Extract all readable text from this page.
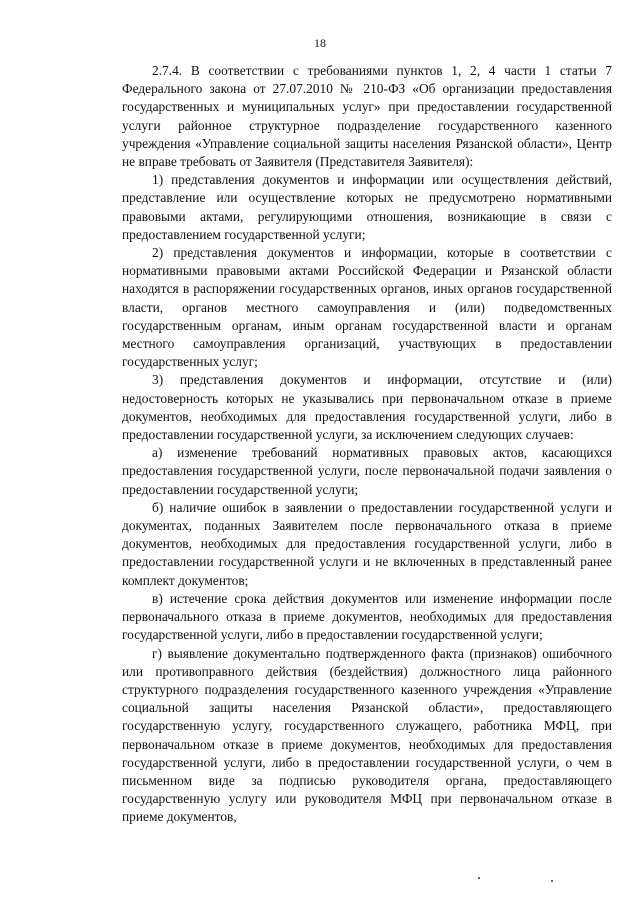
18

2.7.4. В соответствии с требованиями пунктов 1, 2, 4 части 1 статьи 7 Федерального закона от 27.07.2010 № 210-ФЗ «Об организации предоставления государственных и муниципальных услуг» при предоставлении государственной услуги районное структурное подразделение государственного казенного учреждения «Управление социальной защиты населения Рязанской области», Центр не вправе требовать от Заявителя (Представителя Заявителя):

1) представления документов и информации или осуществления действий, представление или осуществление которых не предусмотрено нормативными правовыми актами, регулирующими отношения, возникающие в связи с предоставлением государственной услуги;

2) представления документов и информации, которые в соответствии с нормативными правовыми актами Российской Федерации и Рязанской области находятся в распоряжении государственных органов, иных органов государственной власти, органов местного самоуправления и (или) подведомственных государственным органам, иным органам государственной власти и органам местного самоуправления организаций, участвующих в предоставлении государственных услуг;

3) представления документов и информации, отсутствие и (или) недостоверность которых не указывались при первоначальном отказе в приеме документов, необходимых для предоставления государственной услуги, либо в предоставлении государственной услуги, за исключением следующих случаев:

а) изменение требований нормативных правовых актов, касающихся предоставления государственной услуги, после первоначальной подачи заявления о предоставлении государственной услуги;

б) наличие ошибок в заявлении о предоставлении государственной услуги и документах, поданных Заявителем после первоначального отказа в приеме документов, необходимых для предоставления государственной услуги, либо в предоставлении государственной услуги и не включенных в представленный ранее комплект документов;

в) истечение срока действия документов или изменение информации после первоначального отказа в приеме документов, необходимых для предоставления государственной услуги, либо в предоставлении государственной услуги;

г) выявление документально подтвержденного факта (признаков) ошибочного или противоправного действия (бездействия) должностного лица районного структурного подразделения государственного казенного учреждения «Управление социальной защиты населения Рязанской области», предоставляющего государственную услугу, государственного служащего, работника МФЦ, при первоначальном отказе в приеме документов, необходимых для предоставления государственной услуги, либо в предоставлении государственной услуги, о чем в письменном виде за подписью руководителя органа, предоставляющего государственную услугу или руководителя МФЦ при первоначальном отказе в приеме документов,
